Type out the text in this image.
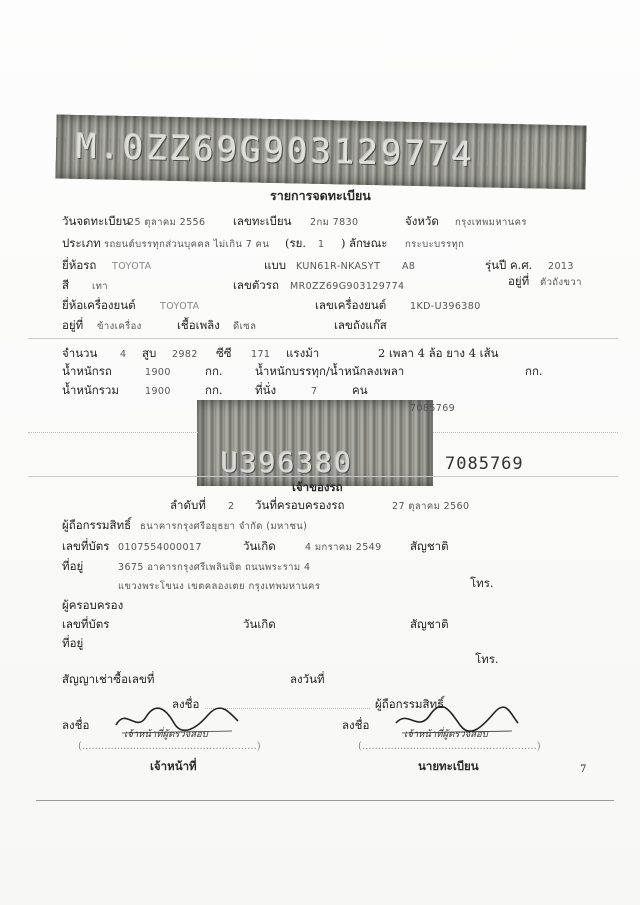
M.0ZZ69G903129774
รายการจดทะเบียน
วันจดทะเบียน
25 ตุลาคม 2556 เลขทะเบียน 2กม 7830	จังหวัด กรุงเทพมหานคร
ประเภท รถยนต์บรรทุกส่วนบุคคล ไม่เกิน 7 คน (รย. 1 ) ลักษณะ กระบะบรรทุก
ยี่ห้อรถ TOYOTA	แบบ KUN61R-NKASYT A8	รุ่นปี ค.ศ. 2013
สี เทา	เลขตัวรถ MR0ZZ69G903129774	อยู่ที่ ตัวถังขวา
ยี่ห้อเครื่องยนต์	TOYOTA	เลขเครื่องยนต์	1KD-U396380
อยู่ที่ ข้างเครื่อง	เชื้อเพลิง ดีเซล	เลขถังแก๊ส
จำนวน 4 สูบ 2982 ซีซี 171 แรงม้า	2 เพลา 4 ล้อ ยาง 4 เส้น
น้ำหนักรถ	1900	กก.	น้ำหนักบรรทุก/น้ำหนักลงเพลา	กก.
น้ำหนักรวม	1900	กก.	ที่นั่ง	7	คน
U396380
7085769
7085769
เจ้าของรถ
ลำดับที่ 2 วันที่ครอบครองรถ	27 ตุลาคม 2560
ผู้ถือกรรมสิทธิ์ ธนาคารกรุงศรีอยุธยา จำกัด (มหาชน)
เลขที่บัตร 0107554000017	วันเกิด	4 มกราคม 2549 สัญชาติ
ที่อยู่	3675 อาคารกรุงศรีเพลินจิต ถนนพระราม 4
แขวงพระโขนง เขตคลองเตย กรุงเทพมหานคร	โทร.
ผู้ครอบครอง
เลขที่บัตร	วันเกิด	สัญชาติ
ที่อยู่
โทร.
สัญญาเช่าซื้อเลขที่	ลงวันที่
ลงชื่อ	ผู้ถือกรรมสิทธิ์
ลงชื่อ
เจ้าหน้าที่ผู้ตรวจสอบ
(.......................................................)
ลงชื่อ
เจ้าหน้าที่ผู้ตรวจสอบ
(.......................................................)
เจ้าหน้าที่	นายทะเบียน	7
